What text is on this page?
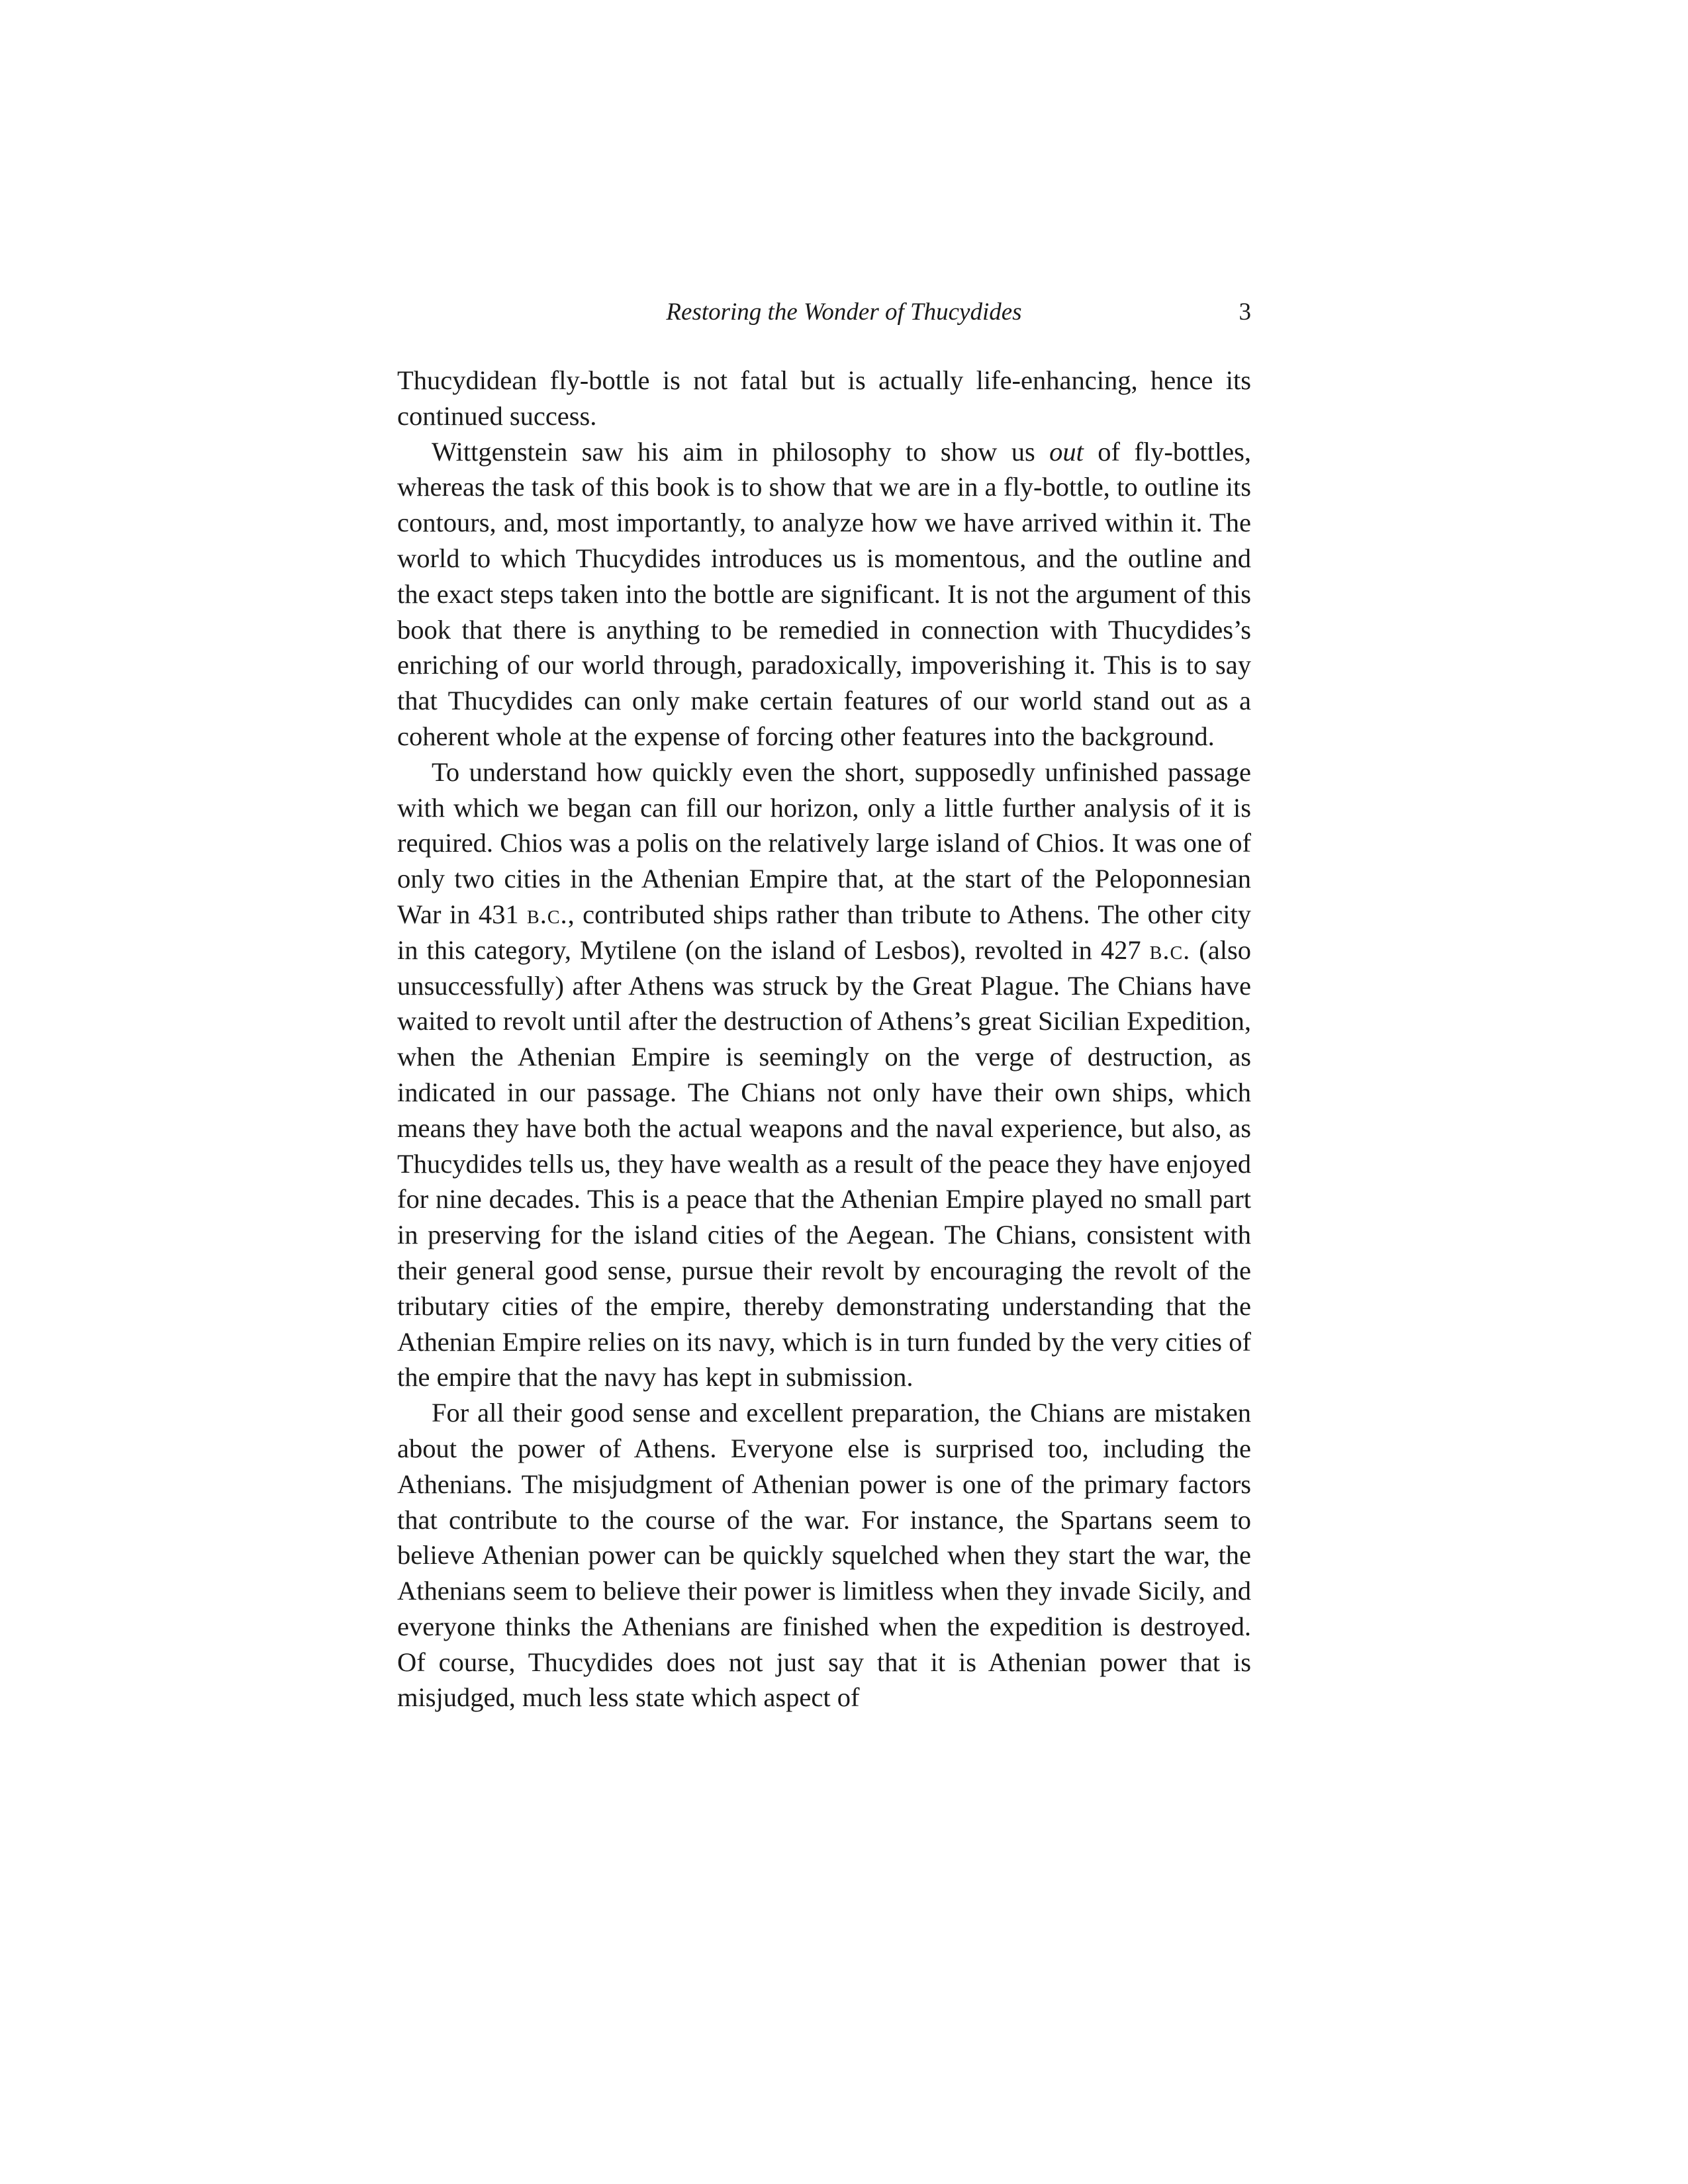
Restoring the Wonder of Thucydides	3

Thucydidean fly-bottle is not fatal but is actually life-enhancing, hence its continued success.

Wittgenstein saw his aim in philosophy to show us out of fly-bottles, whereas the task of this book is to show that we are in a fly-bottle, to outline its contours, and, most importantly, to analyze how we have arrived within it. The world to which Thucydides introduces us is momentous, and the outline and the exact steps taken into the bottle are significant. It is not the argument of this book that there is anything to be remedied in connection with Thucydides’s enriching of our world through, paradoxically, impoverishing it. This is to say that Thucydides can only make certain features of our world stand out as a coherent whole at the expense of forcing other features into the background.

To understand how quickly even the short, supposedly unfinished passage with which we began can fill our horizon, only a little further analysis of it is required. Chios was a polis on the relatively large island of Chios. It was one of only two cities in the Athenian Empire that, at the start of the Peloponnesian War in 431 b.c., contributed ships rather than tribute to Athens. The other city in this category, Mytilene (on the island of Lesbos), revolted in 427 b.c. (also unsuccessfully) after Athens was struck by the Great Plague. The Chians have waited to revolt until after the destruction of Athens’s great Sicilian Expedition, when the Athenian Empire is seemingly on the verge of destruction, as indicated in our passage. The Chians not only have their own ships, which means they have both the actual weapons and the naval experience, but also, as Thucydides tells us, they have wealth as a result of the peace they have enjoyed for nine decades. This is a peace that the Athenian Empire played no small part in preserving for the island cities of the Aegean. The Chians, consistent with their general good sense, pursue their revolt by encouraging the revolt of the tributary cities of the empire, thereby demonstrating understanding that the Athenian Empire relies on its navy, which is in turn funded by the very cities of the empire that the navy has kept in submission.

For all their good sense and excellent preparation, the Chians are mistaken about the power of Athens. Everyone else is surprised too, including the Athenians. The misjudgment of Athenian power is one of the primary factors that contribute to the course of the war. For instance, the Spartans seem to believe Athenian power can be quickly squelched when they start the war, the Athenians seem to believe their power is limitless when they invade Sicily, and everyone thinks the Athenians are finished when the expedition is destroyed. Of course, Thucydides does not just say that it is Athenian power that is misjudged, much less state which aspect of
